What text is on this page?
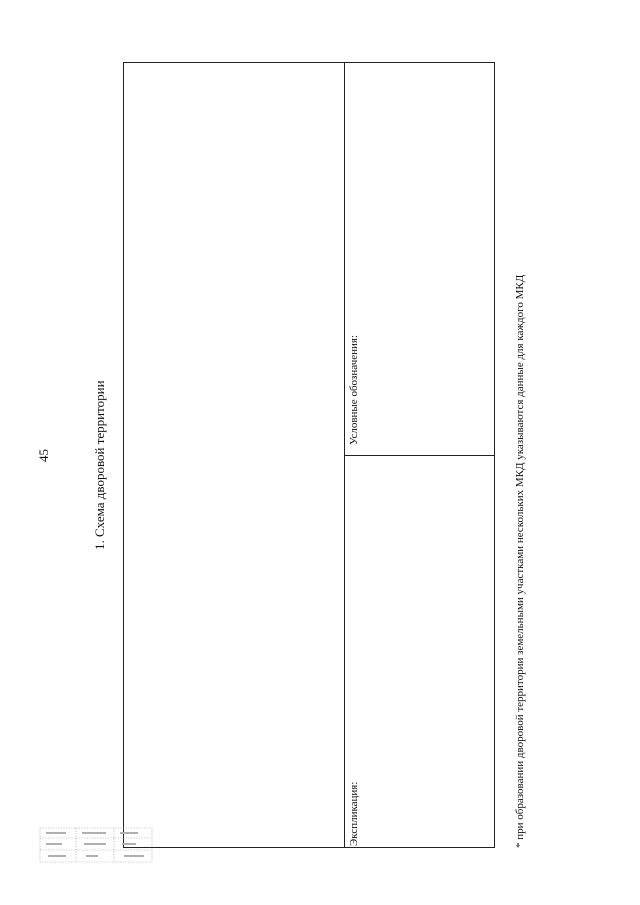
45	1. Схема дворовой территории	Условные обозначения:
Экспликация:	* при образовании дворовой территории земельными участками нескольких МКД указываются данные для каждого МКД
